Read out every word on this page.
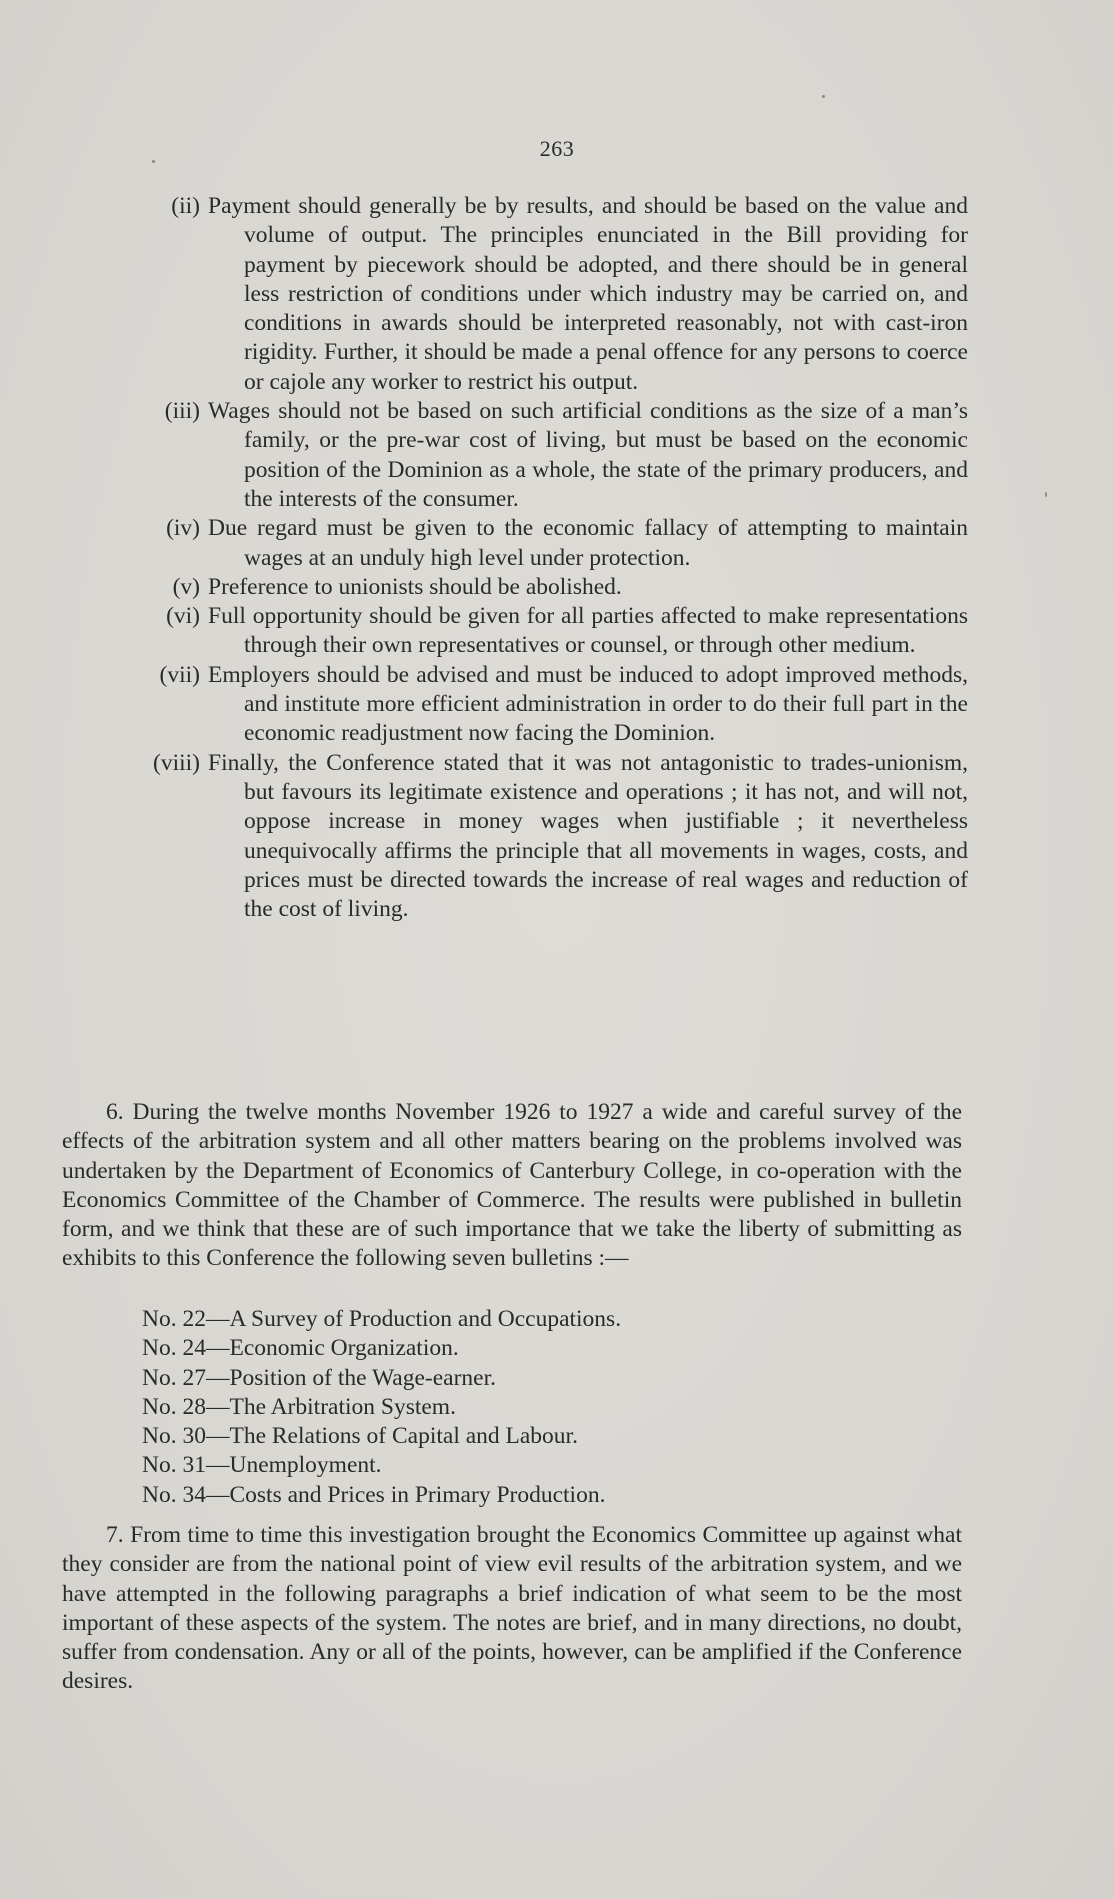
263
(ii) Payment should generally be by results, and should be based on the value and volume of output. The principles enunciated in the Bill providing for payment by piecework should be adopted, and there should be in general less restriction of conditions under which industry may be carried on, and conditions in awards should be interpreted reasonably, not with cast-iron rigidity. Further, it should be made a penal offence for any persons to coerce or cajole any worker to restrict his output.
(iii) Wages should not be based on such artificial conditions as the size of a man’s family, or the pre-war cost of living, but must be based on the economic position of the Dominion as a whole, the state of the primary producers, and the interests of the consumer.
(iv) Due regard must be given to the economic fallacy of attempting to maintain wages at an unduly high level under protection.
(v) Preference to unionists should be abolished.
(vi) Full opportunity should be given for all parties affected to make representations through their own representatives or counsel, or through other medium.
(vii) Employers should be advised and must be induced to adopt improved methods, and institute more efficient administration in order to do their full part in the economic readjustment now facing the Dominion.
(viii) Finally, the Conference stated that it was not antagonistic to trades-unionism, but favours its legitimate existence and operations ; it has not, and will not, oppose increase in money wages when justifiable ; it nevertheless unequivocally affirms the principle that all movements in wages, costs, and prices must be directed towards the increase of real wages and reduction of the cost of living.
6. During the twelve months November 1926 to 1927 a wide and careful survey of the effects of the arbitration system and all other matters bearing on the problems involved was undertaken by the Department of Economics of Canterbury College, in co-operation with the Economics Committee of the Chamber of Commerce. The results were published in bulletin form, and we think that these are of such importance that we take the liberty of submitting as exhibits to this Conference the following seven bulletins :—
No. 22—A Survey of Production and Occupations.
No. 24—Economic Organization.
No. 27—Position of the Wage-earner.
No. 28—The Arbitration System.
No. 30—The Relations of Capital and Labour.
No. 31—Unemployment.
No. 34—Costs and Prices in Primary Production.
7. From time to time this investigation brought the Economics Committee up against what they consider are from the national point of view evil results of the arbitration system, and we have attempted in the following paragraphs a brief indication of what seem to be the most important of these aspects of the system. The notes are brief, and in many directions, no doubt, suffer from condensation. Any or all of the points, however, can be amplified if the Conference desires.
